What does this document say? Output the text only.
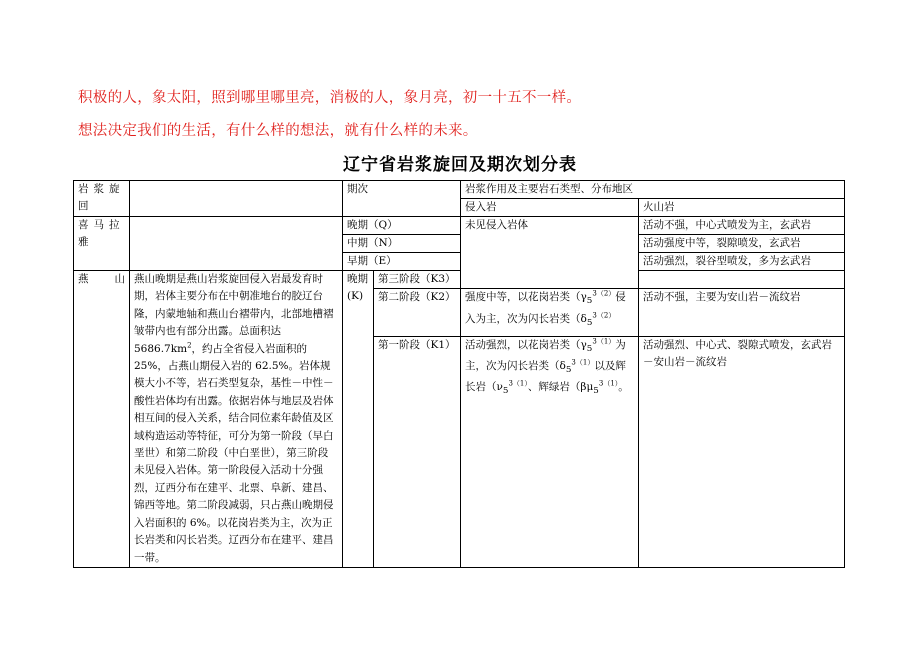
积极的人，象太阳，照到哪里哪里亮，消极的人，象月亮，初一十五不一样。
想法决定我们的生活，有什么样的想法，就有什么样的未来。
辽宁省岩浆旋回及期次划分表
岩浆旋回		期次		岩浆作用及主要岩石类型、分布地区	
				侵入岩	火山岩
喜马拉雅		晚期（Q）		未见侵入岩体	活动不强，中心式喷发为主，玄武岩
		中期（N）			活动强度中等，裂隙喷发，玄武岩
		早期（E）			活动强烈，裂谷型喷发，多为玄武岩
燕山	燕山晚期是燕山岩浆旋回侵入岩最发育时期，岩体主要分布在中朝准地台的胶辽台隆，内蒙地轴和燕山台褶带内，北部地槽褶皱带内也有部分出露。总面积达$5686.7km^2$，约占全省侵入岩面积的 25%，占燕山期侵入岩的 62.5%。岩体规模大小不等，岩石类型复杂，基性－中性－酸性岩体均有出露。依据岩体与地层及岩体相互间的侵入关系，结合同位素年龄值及区域构造运动等特征，可分为第一阶段（早白垩世）和第二阶段（中白垩世），第三阶段未见侵入岩体。第一阶段侵入活动十分强烈，辽西分布在建平、北票、阜新、建昌、锦西等地。第二阶段减弱，只占燕山晚期侵入岩面积的 6%。以花岗岩类为主，次为正长岩类和闪长岩类。辽西分布在建平、建昌一带。	晚期(K)	第三阶段（K3）		
			第二阶段（K2）	强度中等，以花岗岩类（$\gamma_5^{3(2)}$侵入为主，次为闪长岩类（$\delta_5^{3(2)}$	活动不强，主要为安山岩－流纹岩
			第一阶段（K1）	活动强烈，以花岗岩类（$\gamma_5^{3(1)}$为主，次为闪长岩类（$\delta_5^{3(1)}$以及辉长岩（$\nu_5^{3(1)}$、辉绿岩（$\beta\mu_5^{3(1)}$。	活动强烈、中心式、裂隙式喷发，玄武岩－安山岩－流纹岩
